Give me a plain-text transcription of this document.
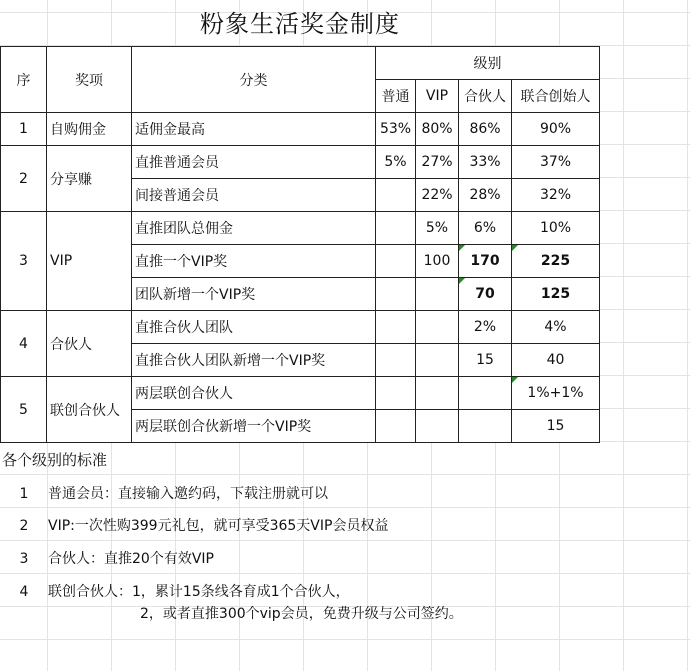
粉象生活奖金制度
序	奖项	分类	级别			
			普通	VIP	合伙人	联合创始人
1	自购佣金	适佣金最高	53%	80%	86%	90%
2	分享赚	直推普通会员	5%	27%	33%	37%
		间接普通会员		22%	28%	32%
3	VIP	直推团队总佣金		5%	6%	10%
		直推一个VIP奖		100	170	225
		团队新增一个VIP奖			70	125
4	合伙人	直推合伙人团队			2%	4%
		直推合伙人团队新增一个VIP奖			15	40
5	联创合伙人	两层联创合伙人				1%+1%
		两层联创合伙新增一个VIP奖				15
各个级别的标准
1 普通会员：直接输入邀约码，下载注册就可以
2 VIP:一次性购399元礼包，就可享受365天VIP会员权益
3 合伙人：直推20个有效VIP
4 联创合伙人：1，累计15条线各育成1个合伙人，
2，或者直推300个vip会员，免费升级与公司签约。
